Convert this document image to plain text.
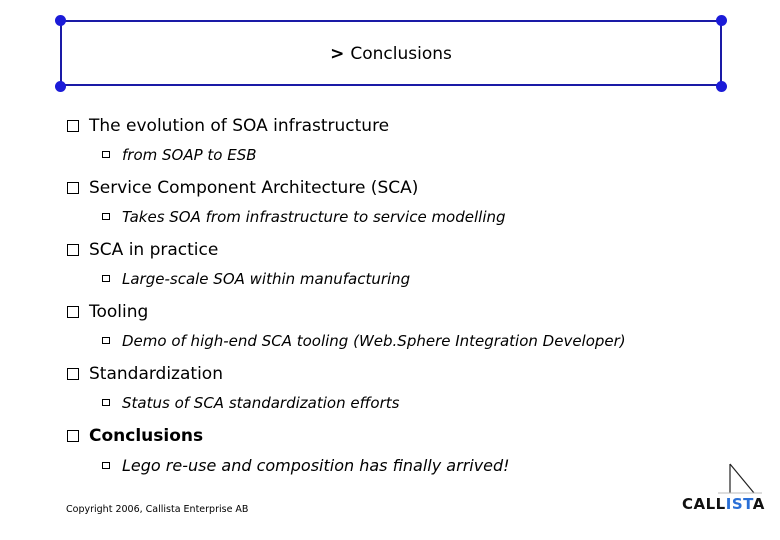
> Conclusions
The evolution of SOA infrastructure
from SOAP to ESB
Service Component Architecture (SCA)
Takes SOA from infrastructure to service modelling
SCA in practice
Large-scale SOA within manufacturing
Tooling
Demo of high-end SCA tooling (Web.Sphere Integration Developer)
Standardization
Status of SCA standardization efforts
Conclusions
Lego re-use and composition has finally arrived!
Copyright 2006, Callista Enterprise AB	CALLISTA
